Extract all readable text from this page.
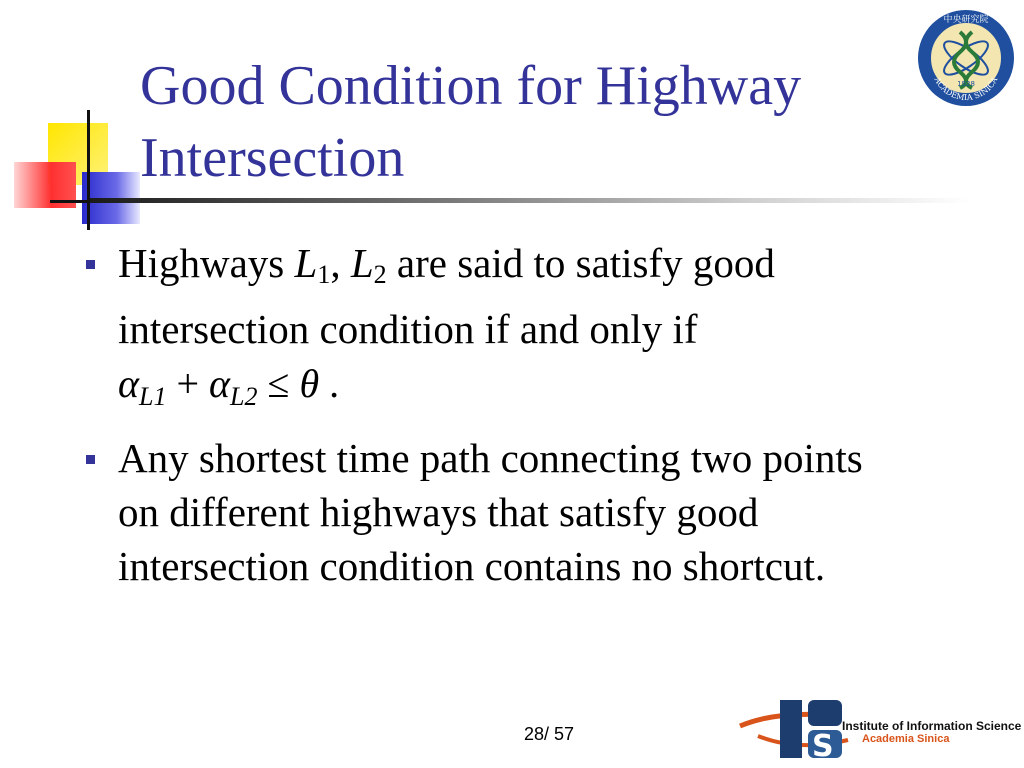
Good Condition for Highway
Intersection
中央研究院
1928
ACADEMIA SINICA
Highways $L_1$, $L_2$ are said to satisfy good
intersection condition if and only if
$\alpha_{L1} + \alpha_{L2} \le \theta$ .
Any shortest time path connecting two points
on different highways that satisfy good
intersection condition contains no shortcut.
28/ 57	S
Institute of Information Science
Academia Sinica
